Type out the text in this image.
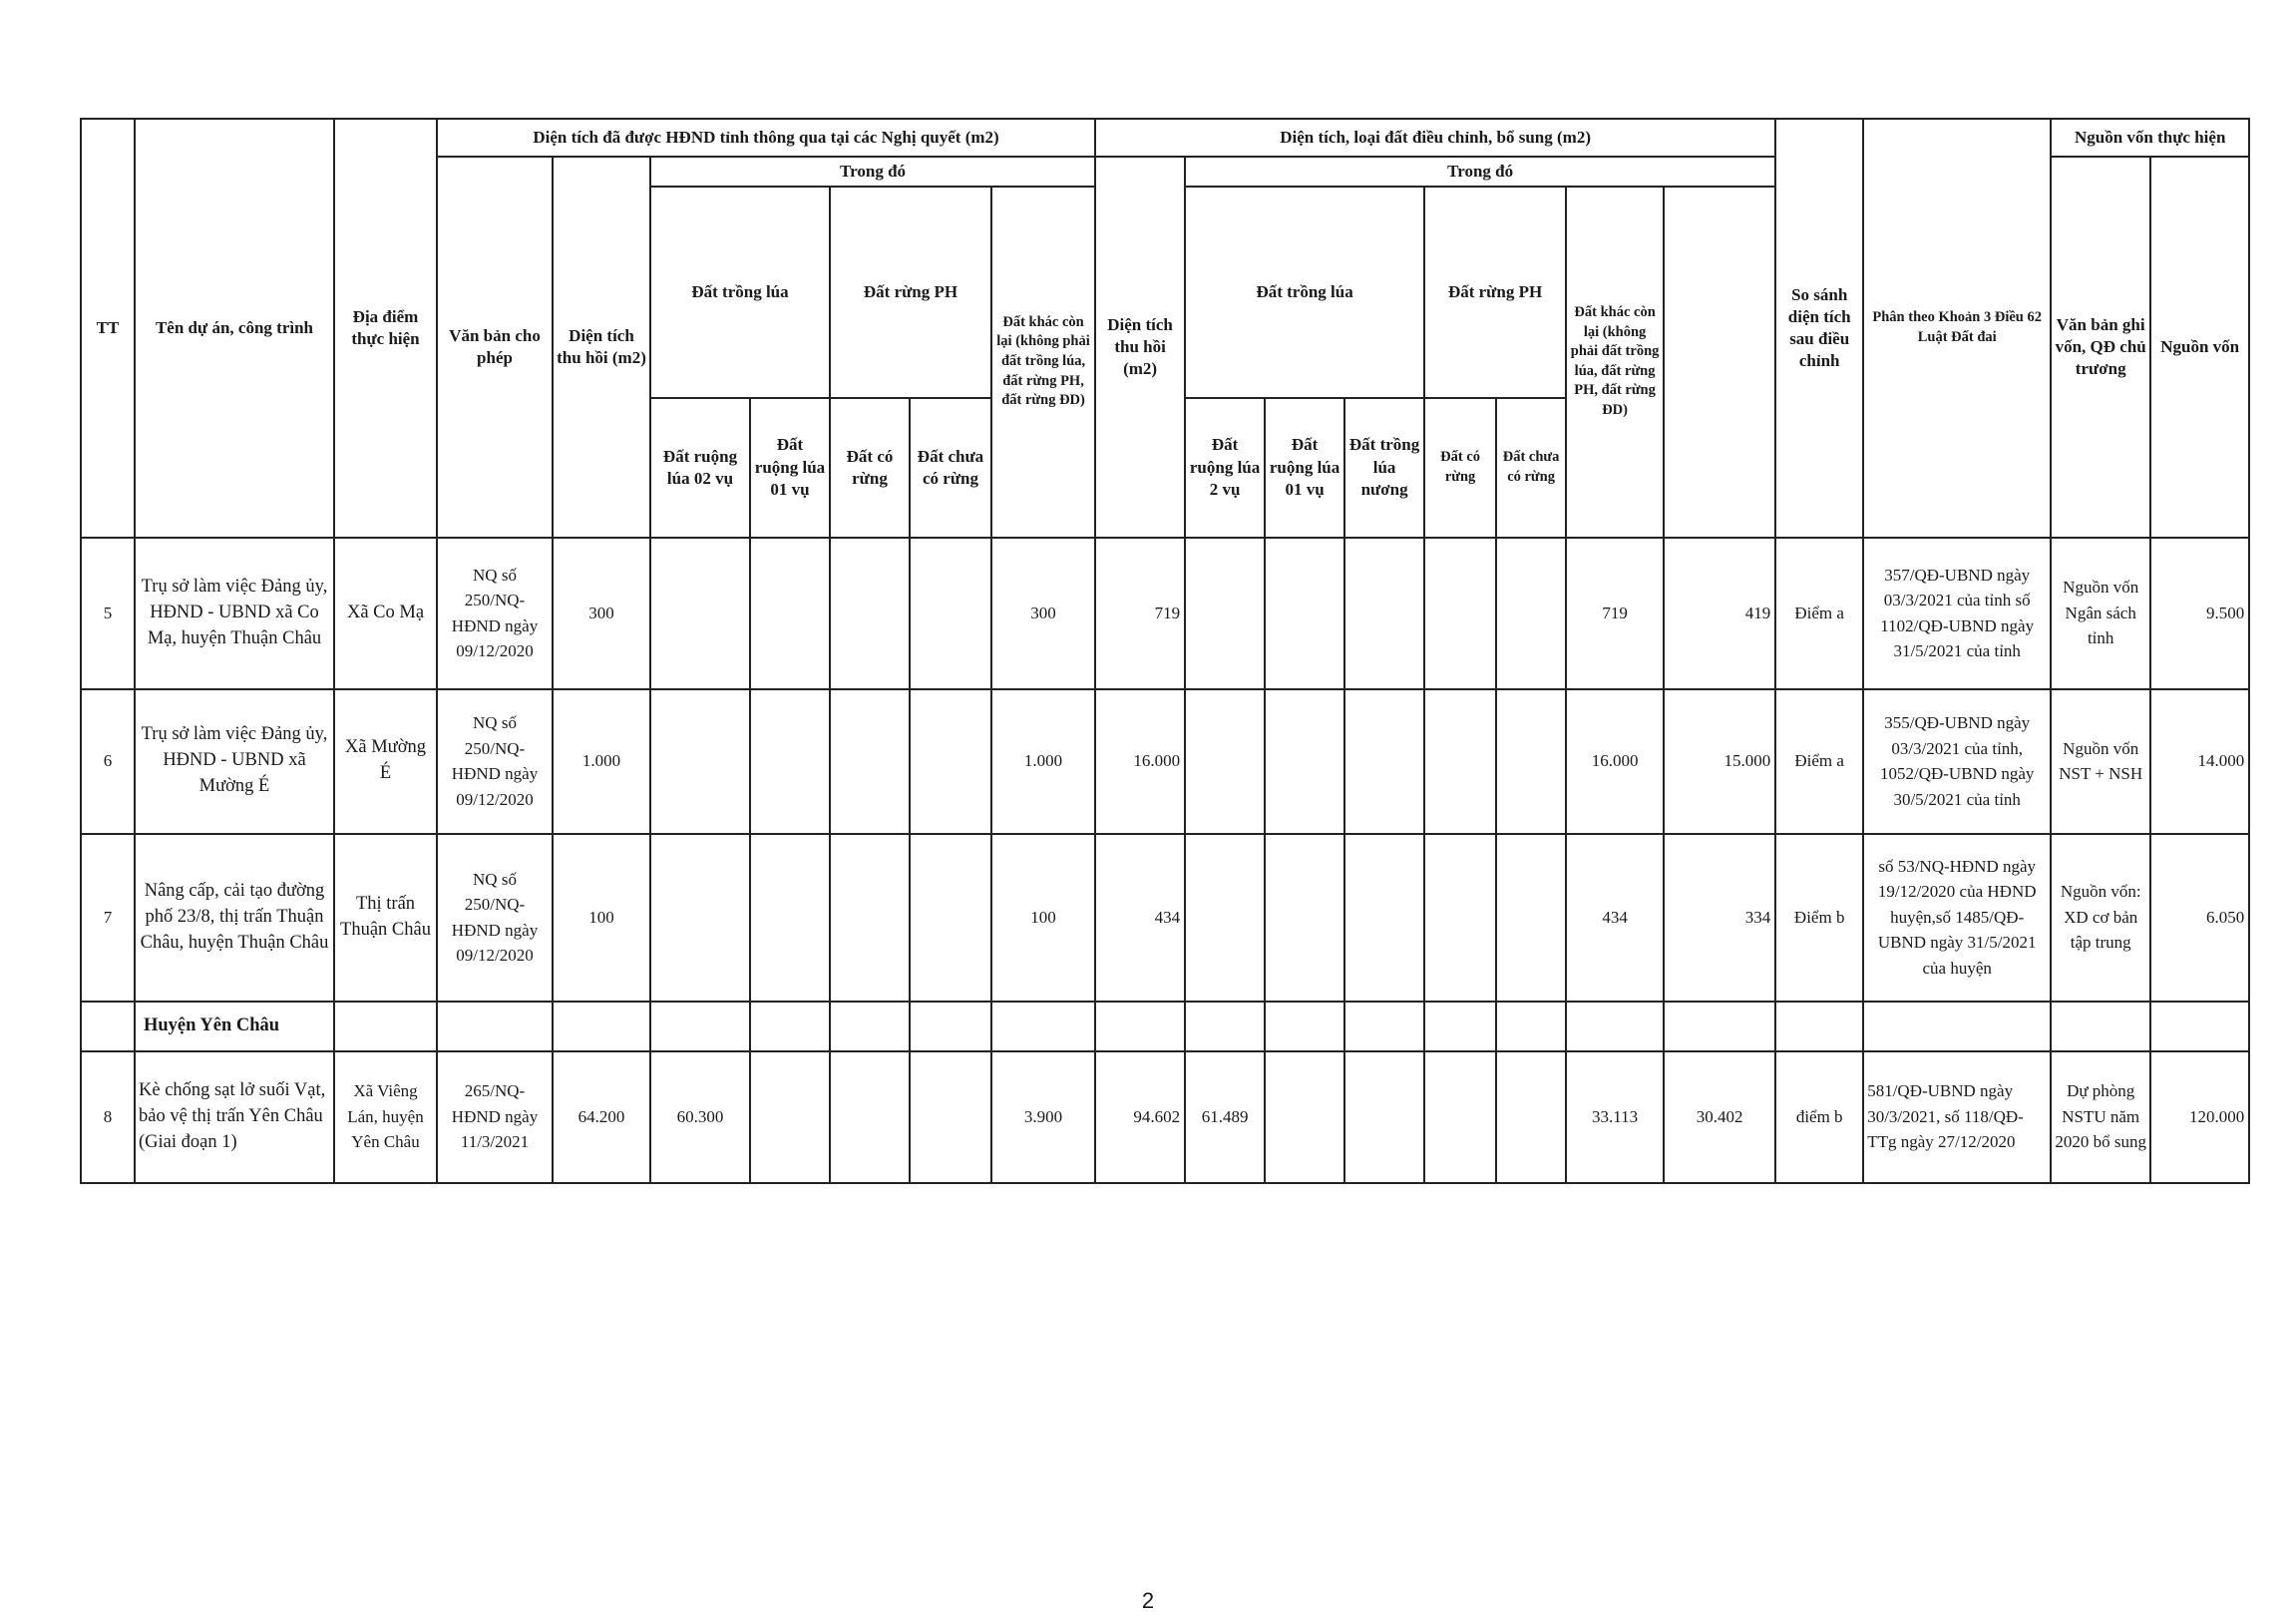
TT	Tên dự án, công trình	Địa điểm thực hiện	Diện tích đã được HĐND tỉnh thông qua tại các Nghị quyết (m2)							Diện tích, loại đất điều chỉnh, bổ sung (m2)								So sánh diện tích sau điều chỉnh	Phân theo Khoản 3 Điều 62 Luật Đất đai	Nguồn vốn thực hiện		
			Văn bản cho phép	Diện tích thu hồi (m2)	Trong đó					Diện tích thu hồi (m2)	Trong đó									Văn bản ghi vốn, QĐ chủ trương	Nguồn vốn	
					Đất trồng lúa		Đất rừng PH		Đất khác còn lại (không phải đất trồng lúa, đất rừng PH, đất rừng ĐD)		Đất trồng lúa			Đất rừng PH		Đất khác còn lại (không phải đất trồng lúa, đất rừng PH, đất rừng ĐD)						
					Đất ruộng lúa 02 vụ	Đất ruộng lúa 01 vụ	Đất có rừng	Đất chưa có rừng			Đất ruộng lúa 2 vụ	Đất ruộng lúa 01 vụ	Đất trồng lúa nương	Đất có rừng	Đất chưa có rừng							
5	Trụ sở làm việc Đảng ủy, HĐND - UBND xã Co Mạ, huyện Thuận Châu	Xã Co Mạ	NQ số 250/NQ-HĐND ngày 09/12/2020	300					300	719						719	419	Điểm a	357/QĐ-UBND ngày 03/3/2021 của tỉnh số 1102/QĐ-UBND ngày 31/5/2021 của tỉnh	Nguồn vốn Ngân sách tỉnh	9.500	
6	Trụ sở làm việc Đảng ủy, HĐND - UBND xã Mường É	Xã Mường É	NQ số 250/NQ-HĐND ngày 09/12/2020	1.000					1.000	16.000						16.000	15.000	Điểm a	355/QĐ-UBND ngày 03/3/2021 của tỉnh, 1052/QĐ-UBND ngày 30/5/2021 của tỉnh	Nguồn vốn NST + NSH	14.000	
7	Nâng cấp, cải tạo đường phố 23/8, thị trấn Thuận Châu, huyện Thuận Châu	Thị trấn Thuận Châu	NQ số 250/NQ-HĐND ngày 09/12/2020	100					100	434						434	334	Điểm b	số 53/NQ-HĐND ngày 19/12/2020 của HĐND huyện,số 1485/QĐ-UBND ngày 31/5/2021 của huyện	Nguồn vốn: XD cơ bản tập trung	6.050	
	Huyện Yên Châu																					
8	Kè chống sạt lở suối Vạt, bảo vệ thị trấn Yên Châu (Giai đoạn 1)	Xã Viêng Lán, huyện Yên Châu	265/NQ-HĐND ngày 11/3/2021	64.200	60.300				3.900	94.602	61.489					33.113	30.402	điểm b	581/QĐ-UBND ngày 30/3/2021, số 118/QĐ-TTg ngày 27/12/2020	Dự phòng NSTU năm 2020 bổ sung	120.000	
2
